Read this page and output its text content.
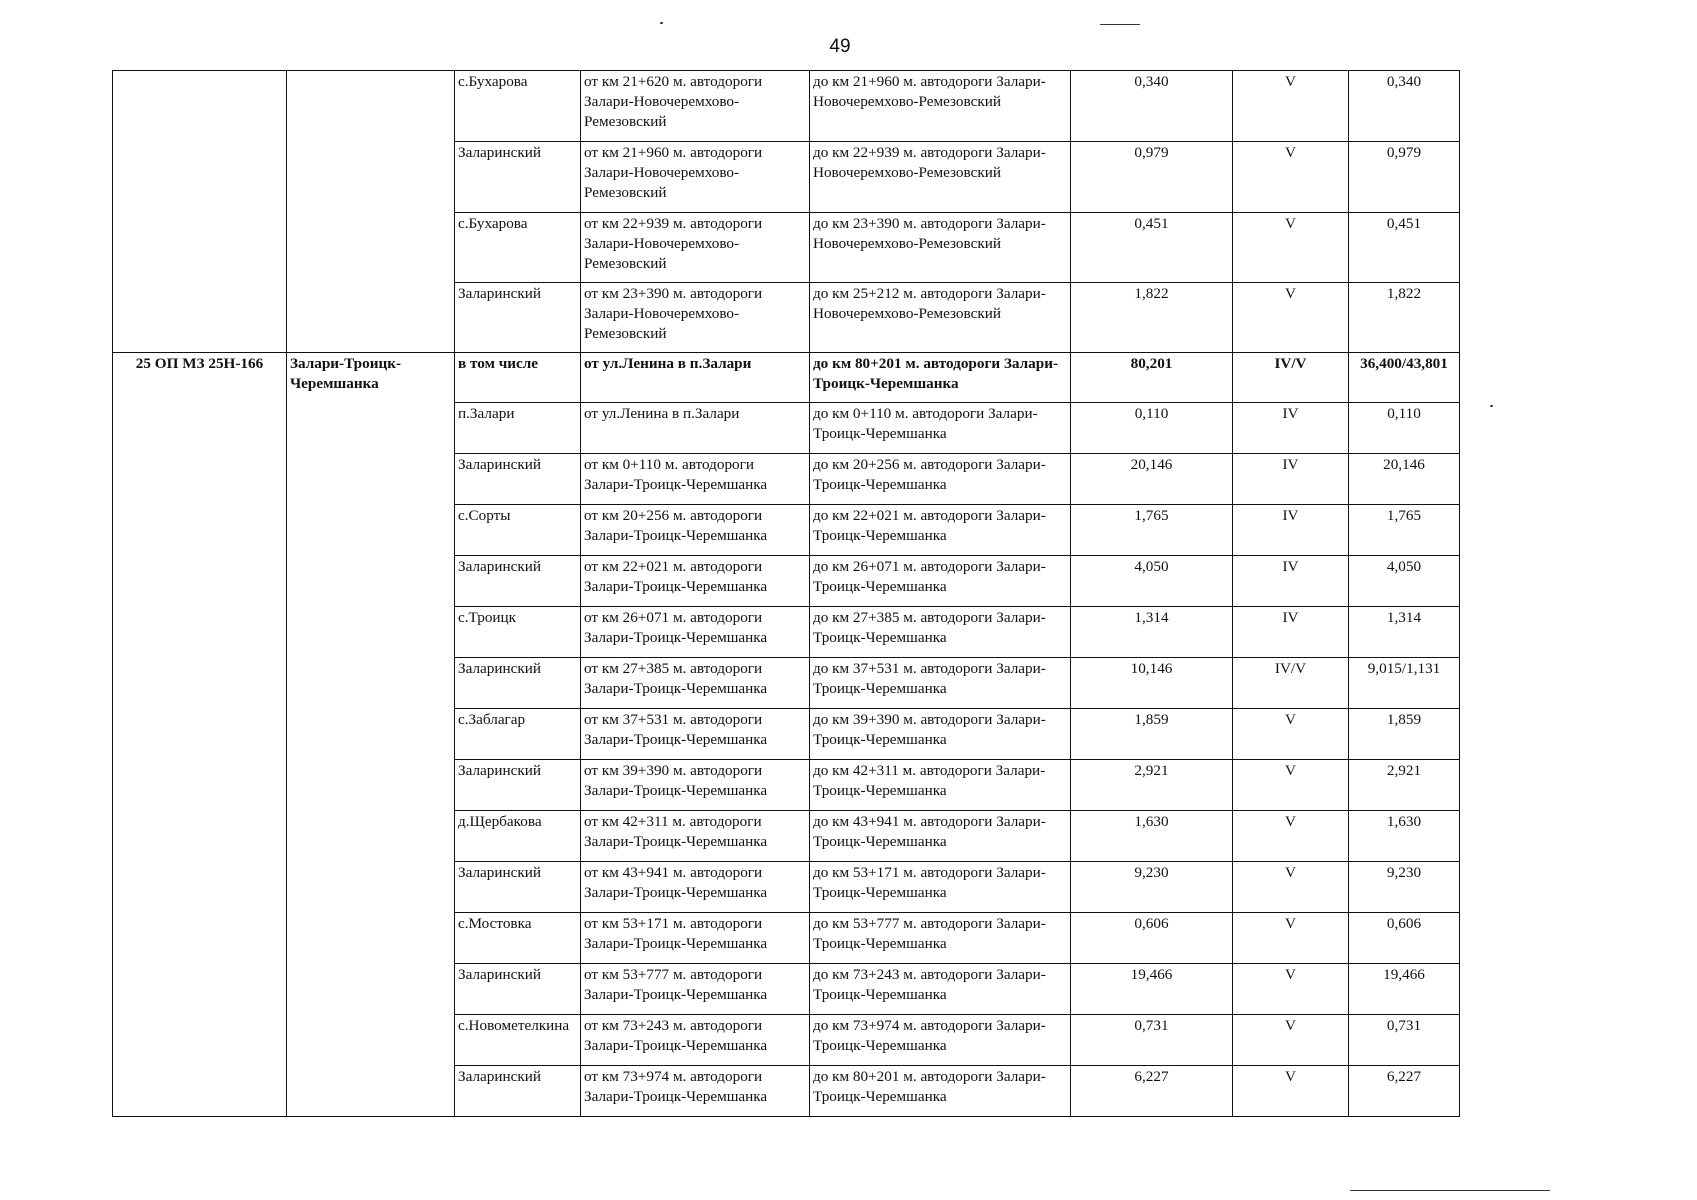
49
		с.Бухарова	от км 21+620 м. автодороги Залари-Новочеремхово-Ремезовский	до км 21+960 м. автодороги Залари-Новочеремхово-Ремезовский	0,340	V	0,340
		Заларинский	от км 21+960 м. автодороги Залари-Новочеремхово-Ремезовский	до км 22+939 м. автодороги Залари-Новочеремхово-Ремезовский	0,979	V	0,979
		с.Бухарова	от км 22+939 м. автодороги Залари-Новочеремхово-Ремезовский	до км 23+390 м. автодороги Залари-Новочеремхово-Ремезовский	0,451	V	0,451
		Заларинский	от км 23+390 м. автодороги Залари-Новочеремхово-Ремезовский	до км 25+212 м. автодороги Залари-Новочеремхово-Ремезовский	1,822	V	1,822
25 ОП МЗ 25Н-166	Залари-Троицк-Черемшанка	в том числе	от ул.Ленина в п.Залари	до км 80+201 м. автодороги Залари-Троицк-Черемшанка	80,201	IV/V	36,400/43,801
		п.Залари	от ул.Ленина в п.Залари	до км 0+110 м. автодороги Залари-Троицк-Черемшанка	0,110	IV	0,110
		Заларинский	от км 0+110 м. автодороги Залари-Троицк-Черемшанка	до км 20+256 м. автодороги Залари-Троицк-Черемшанка	20,146	IV	20,146
		с.Сорты	от км 20+256 м. автодороги Залари-Троицк-Черемшанка	до км 22+021 м. автодороги Залари-Троицк-Черемшанка	1,765	IV	1,765
		Заларинский	от км 22+021 м. автодороги Залари-Троицк-Черемшанка	до км 26+071 м. автодороги Залари-Троицк-Черемшанка	4,050	IV	4,050
		с.Троицк	от км 26+071 м. автодороги Залари-Троицк-Черемшанка	до км 27+385 м. автодороги Залари-Троицк-Черемшанка	1,314	IV	1,314
		Заларинский	от км 27+385 м. автодороги Залари-Троицк-Черемшанка	до км 37+531 м. автодороги Залари-Троицк-Черемшанка	10,146	IV/V	9,015/1,131
		с.Заблагар	от км 37+531 м. автодороги Залари-Троицк-Черемшанка	до км 39+390 м. автодороги Залари-Троицк-Черемшанка	1,859	V	1,859
		Заларинский	от км 39+390 м. автодороги Залари-Троицк-Черемшанка	до км 42+311 м. автодороги Залари-Троицк-Черемшанка	2,921	V	2,921
		д.Щербакова	от км 42+311 м. автодороги Залари-Троицк-Черемшанка	до км 43+941 м. автодороги Залари-Троицк-Черемшанка	1,630	V	1,630
		Заларинский	от км 43+941 м. автодороги Залари-Троицк-Черемшанка	до км 53+171 м. автодороги Залари-Троицк-Черемшанка	9,230	V	9,230
		с.Мостовка	от км 53+171 м. автодороги Залари-Троицк-Черемшанка	до км 53+777 м. автодороги Залари-Троицк-Черемшанка	0,606	V	0,606
		Заларинский	от км 53+777 м. автодороги Залари-Троицк-Черемшанка	до км 73+243 м. автодороги Залари-Троицк-Черемшанка	19,466	V	19,466
		с.Новометелкина	от км 73+243 м. автодороги Залари-Троицк-Черемшанка	до км 73+974 м. автодороги Залари-Троицк-Черемшанка	0,731	V	0,731
		Заларинский	от км 73+974 м. автодороги Залари-Троицк-Черемшанка	до км 80+201 м. автодороги Залари-Троицк-Черемшанка	6,227	V	6,227
